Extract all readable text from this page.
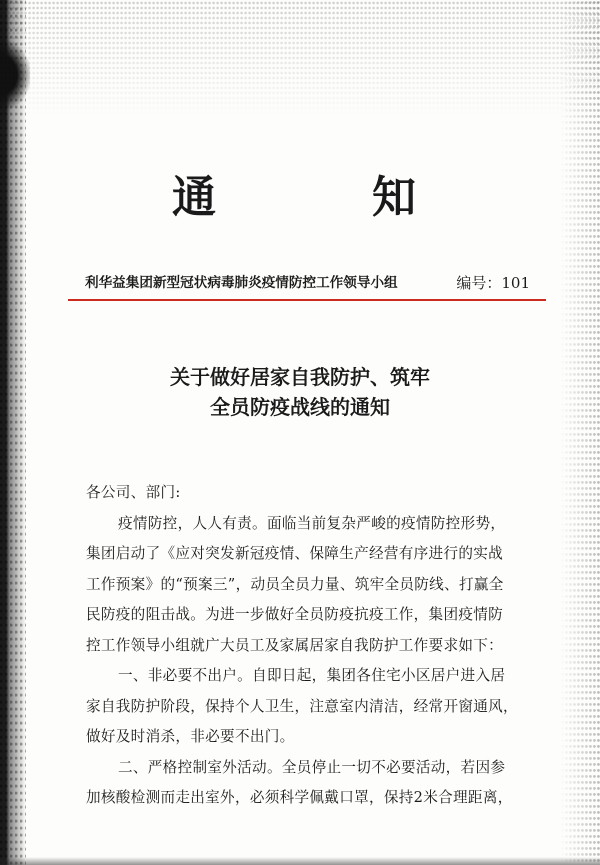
通	知
利华益集团新型冠状病毒肺炎疫情防控工作领导小组	编号：101
关于做好居家自我防护、筑牢
全员防疫战线的通知
各公司、部门:
疫情防控，人人有责。面临当前复杂严峻的疫情防控形势，
集团启动了《应对突发新冠疫情、保障生产经营有序进行的实战
工作预案》的“预案三”，动员全员力量、筑牢全员防线、打赢全
民防疫的阻击战。为进一步做好全员防疫抗疫工作，集团疫情防
控工作领导小组就广大员工及家属居家自我防护工作要求如下：
一、非必要不出户。自即日起，集团各住宅小区居户进入居
家自我防护阶段，保持个人卫生，注意室内清洁，经常开窗通风，
做好及时消杀，非必要不出门。
二、严格控制室外活动。全员停止一切不必要活动，若因参
加核酸检测而走出室外，必须科学佩戴口罩，保持2米合理距离，
